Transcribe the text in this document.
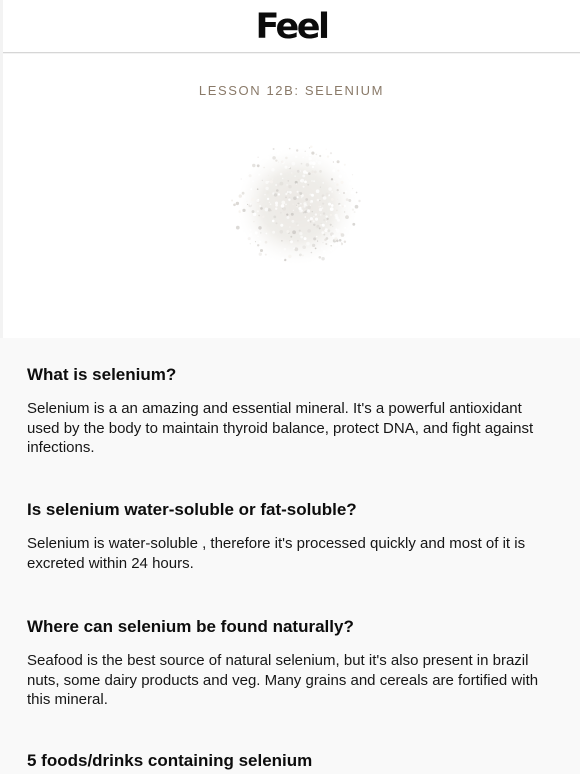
Feel
LESSON 12B: SELENIUM
What is selenium?

Selenium is a an amazing and essential mineral. It's a powerful antioxidant used by the body to maintain thyroid balance, protect DNA, and fight against infections.

Is selenium water-soluble or fat-soluble?

Selenium is water-soluble , therefore it's processed quickly and most of it is excreted within 24 hours.

Where can selenium be found naturally?

Seafood is the best source of natural selenium, but it's also present in brazil nuts, some dairy products and veg. Many grains and cereals are fortified with this mineral.

5 foods/drinks containing selenium
